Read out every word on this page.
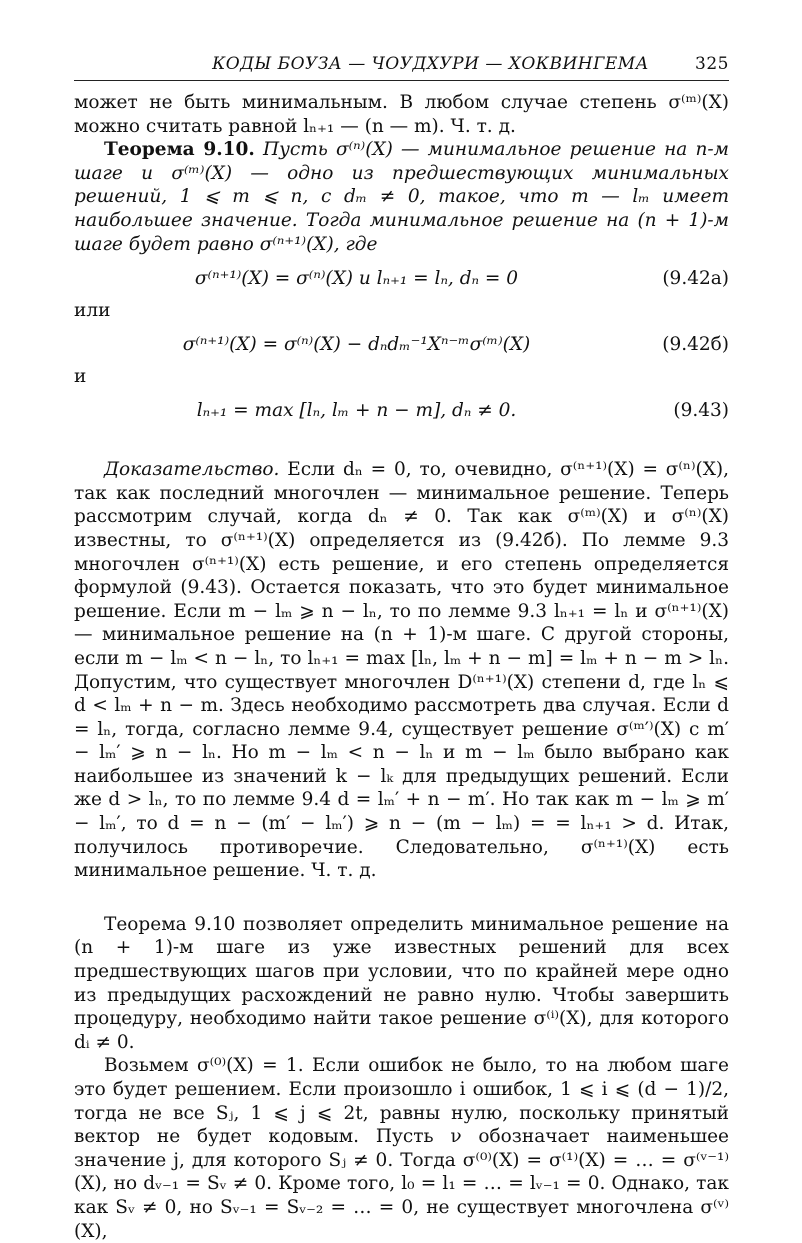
КОДЫ БОУЗА — ЧОУДХУРИ — ХОКВИНГЕМА	325

может не быть минимальным. В любом случае степень σ⁽ᵐ⁾(X) можно считать равной lₙ₊₁ — (n — m). Ч. т. д.

Теорема 9.10. Пусть σ⁽ⁿ⁾(X) — минимальное решение на n-м шаге и σ⁽ᵐ⁾(X) — одно из предшествующих минимальных решений, 1 ⩽ m ⩽ n, с dₘ ≠ 0, такое, что m — lₘ имеет наибольшее значение. Тогда минимальное решение на (n + 1)-м шаге будет равно σ⁽ⁿ⁺¹⁾(X), где

σ⁽ⁿ⁺¹⁾(X) = σ⁽ⁿ⁾(X) и lₙ₊₁ = lₙ, dₙ = 0	(9.42а)
или
σ⁽ⁿ⁺¹⁾(X) = σ⁽ⁿ⁾(X) − dₙdₘ⁻¹Xⁿ⁻ᵐσ⁽ᵐ⁾(X)	(9.42б)
и
lₙ₊₁ = max [lₙ, lₘ + n − m], dₙ ≠ 0.	(9.43)

Доказательство. Если dₙ = 0, то, очевидно, σ⁽ⁿ⁺¹⁾(X) = σ⁽ⁿ⁾(X), так как последний многочлен — минимальное решение. Теперь рассмотрим случай, когда dₙ ≠ 0. Так как σ⁽ᵐ⁾(X) и σ⁽ⁿ⁾(X) известны, то σ⁽ⁿ⁺¹⁾(X) определяется из (9.42б). По лемме 9.3 многочлен σ⁽ⁿ⁺¹⁾(X) есть решение, и его степень определяется формулой (9.43). Остается показать, что это будет минимальное решение. Если m − lₘ ⩾ n − lₙ, то по лемме 9.3 lₙ₊₁ = lₙ и σ⁽ⁿ⁺¹⁾(X) — минимальное решение на (n + 1)-м шаге. С другой стороны, если m − lₘ < n − lₙ, то lₙ₊₁ = max [lₙ, lₘ + n − m] = lₘ + n − m > lₙ. Допустим, что существует многочлен D⁽ⁿ⁺¹⁾(X) степени d, где lₙ ⩽ d < lₘ + n − m. Здесь необходимо рассмотреть два случая. Если d = lₙ, тогда, согласно лемме 9.4, существует решение σ⁽ᵐ′⁾(X) с m′ − lₘ′ ⩾ n − lₙ. Но m − lₘ < n − lₙ и m − lₘ было выбрано как наибольшее из значений k − lₖ для предыдущих решений. Если же d > lₙ, то по лемме 9.4 d = lₘ′ + n − m′. Но так как m − lₘ ⩾ m′ − lₘ′, то d = n − (m′ − lₘ′) ⩾ n − (m − lₘ) = = lₙ₊₁ > d. Итак, получилось противоречие. Следовательно, σ⁽ⁿ⁺¹⁾(X) есть минимальное решение. Ч. т. д.

Теорема 9.10 позволяет определить минимальное решение на (n + 1)-м шаге из уже известных решений для всех предшествующих шагов при условии, что по крайней мере одно из предыдущих расхождений не равно нулю. Чтобы завершить процедуру, необходимо найти такое решение σ⁽ⁱ⁾(X), для которого dᵢ ≠ 0.

Возьмем σ⁽⁰⁾(X) = 1. Если ошибок не было, то на любом шаге это будет решением. Если произошло i ошибок, 1 ⩽ i ⩽ (d − 1)/2, тогда не все Sⱼ, 1 ⩽ j ⩽ 2t, равны нулю, поскольку принятый вектор не будет кодовым. Пусть ν обозначает наименьшее значение j, для которого Sⱼ ≠ 0. Тогда σ⁽⁰⁾(X) = σ⁽¹⁾(X) = … = σ⁽ᵛ⁻¹⁾(X), но dᵥ₋₁ = Sᵥ ≠ 0. Кроме того, l₀ = l₁ = … = lᵥ₋₁ = 0. Однако, так как Sᵥ ≠ 0, но Sᵥ₋₁ = Sᵥ₋₂ = … = 0, не существует многочлена σ⁽ᵛ⁾(X),
